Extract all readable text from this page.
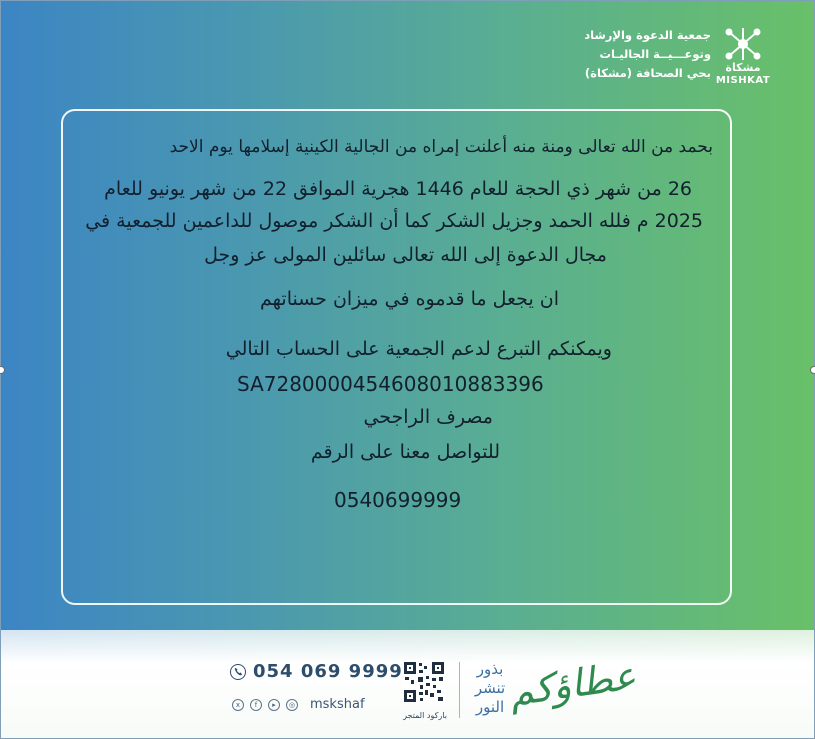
مشكاة
MISHKAT
جمعية الدعوة والإرشاد
وتوعـــيــة الجاليـات
بحي الصحافة (مشكاة)
بحمد من الله تعالى ومنة منه أعلنت إمراه من الجالية الكينية إسلامها يوم الاحد
26 من شهر ذي الحجة للعام 1446 هجرية الموافق 22 من شهر يونيو للعام
2025 م فلله الحمد وجزيل الشكر كما أن الشكر موصول للداعمين للجمعية في
مجال الدعوة إلى الله تعالى سائلين المولى عز وجل
ان يجعل ما قدموه في ميزان حسناتهم
ويمكنكم التبرع لدعم الجمعية على الحساب التالي
SA7280000454608010883396
مصرف الراجحي
للتواصل معنا على الرقم
0540699999
عطاؤكم
بذور تنشر النور
باركود المتجر
054 069 9999
x	f	▸	◎ mskshaf
